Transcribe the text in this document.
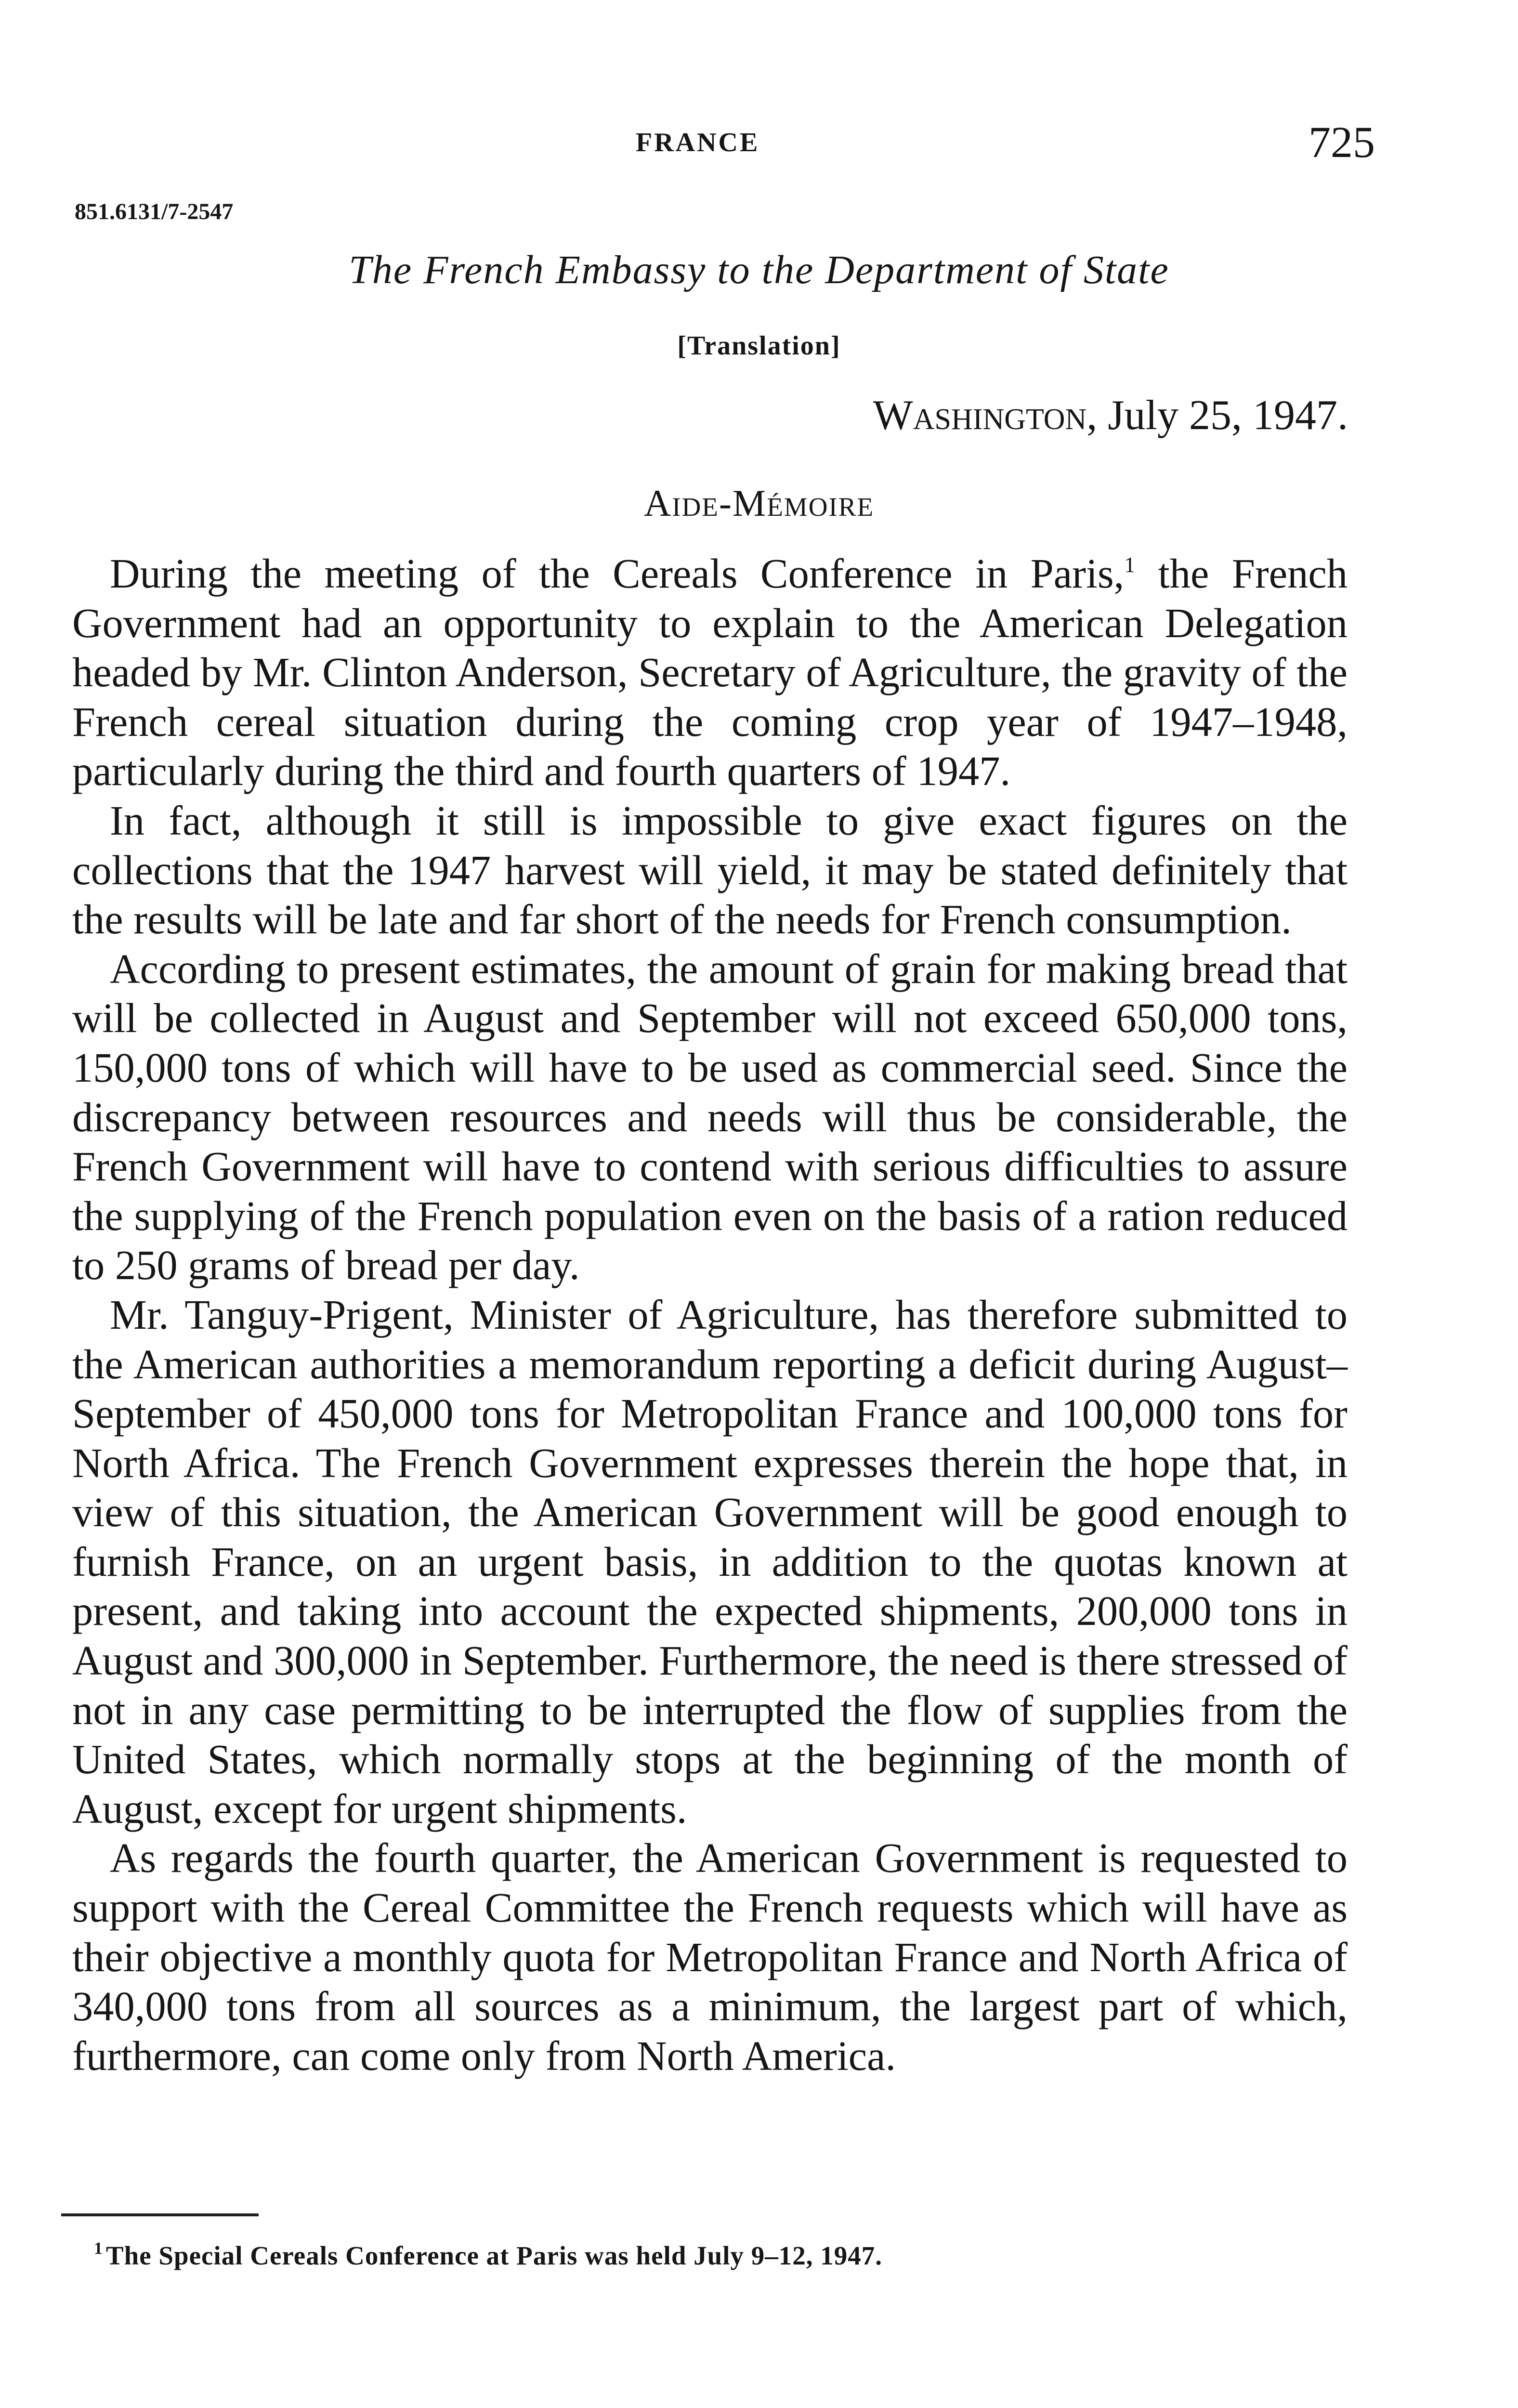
FRANCE	725
851.6131/7-2547
The French Embassy to the Department of State
[Translation]
Washington, July 25, 1947.
Aide-Mémoire

During the meeting of the Cereals Conference in Paris,$^1$ the French Government had an opportunity to explain to the American Delegation headed by Mr. Clinton Anderson, Secretary of Agriculture, the gravity of the French cereal situation during the coming crop year of 1947–1948, particularly during the third and fourth quarters of 1947.

In fact, although it still is impossible to give exact figures on the collections that the 1947 harvest will yield, it may be stated definitely that the results will be late and far short of the needs for French consumption.

According to present estimates, the amount of grain for making bread that will be collected in August and September will not exceed 650,000 tons, 150,000 tons of which will have to be used as commercial seed. Since the discrepancy between resources and needs will thus be considerable, the French Government will have to contend with serious difficulties to assure the supplying of the French population even on the basis of a ration reduced to 250 grams of bread per day.

Mr. Tanguy-Prigent, Minister of Agriculture, has therefore submitted to the American authorities a memorandum reporting a deficit during August–September of 450,000 tons for Metropolitan France and 100,000 tons for North Africa. The French Government expresses therein the hope that, in view of this situation, the American Government will be good enough to furnish France, on an urgent basis, in addition to the quotas known at present, and taking into account the expected shipments, 200,000 tons in August and 300,000 in September. Furthermore, the need is there stressed of not in any case permitting to be interrupted the flow of supplies from the United States, which normally stops at the beginning of the month of August, except for urgent shipments.

As regards the fourth quarter, the American Government is requested to support with the Cereal Committee the French requests which will have as their objective a monthly quota for Metropolitan France and North Africa of 340,000 tons from all sources as a minimum, the largest part of which, furthermore, can come only from North America.

$^1$ The Special Cereals Conference at Paris was held July 9–12, 1947.
